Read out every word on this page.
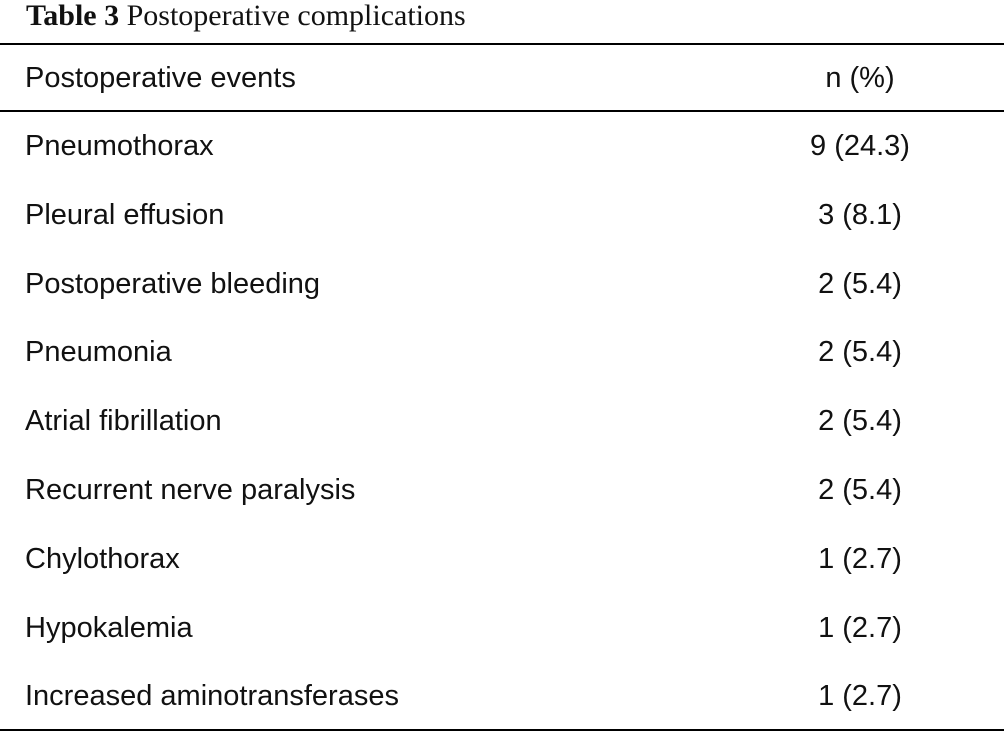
Table 3 Postoperative complications
Postoperative events	n (%)
Pneumothorax	9 (24.3)
Pleural effusion	3 (8.1)
Postoperative bleeding	2 (5.4)
Pneumonia	2 (5.4)
Atrial fibrillation	2 (5.4)
Recurrent nerve paralysis	2 (5.4)
Chylothorax	1 (2.7)
Hypokalemia	1 (2.7)
Increased aminotransferases	1 (2.7)
